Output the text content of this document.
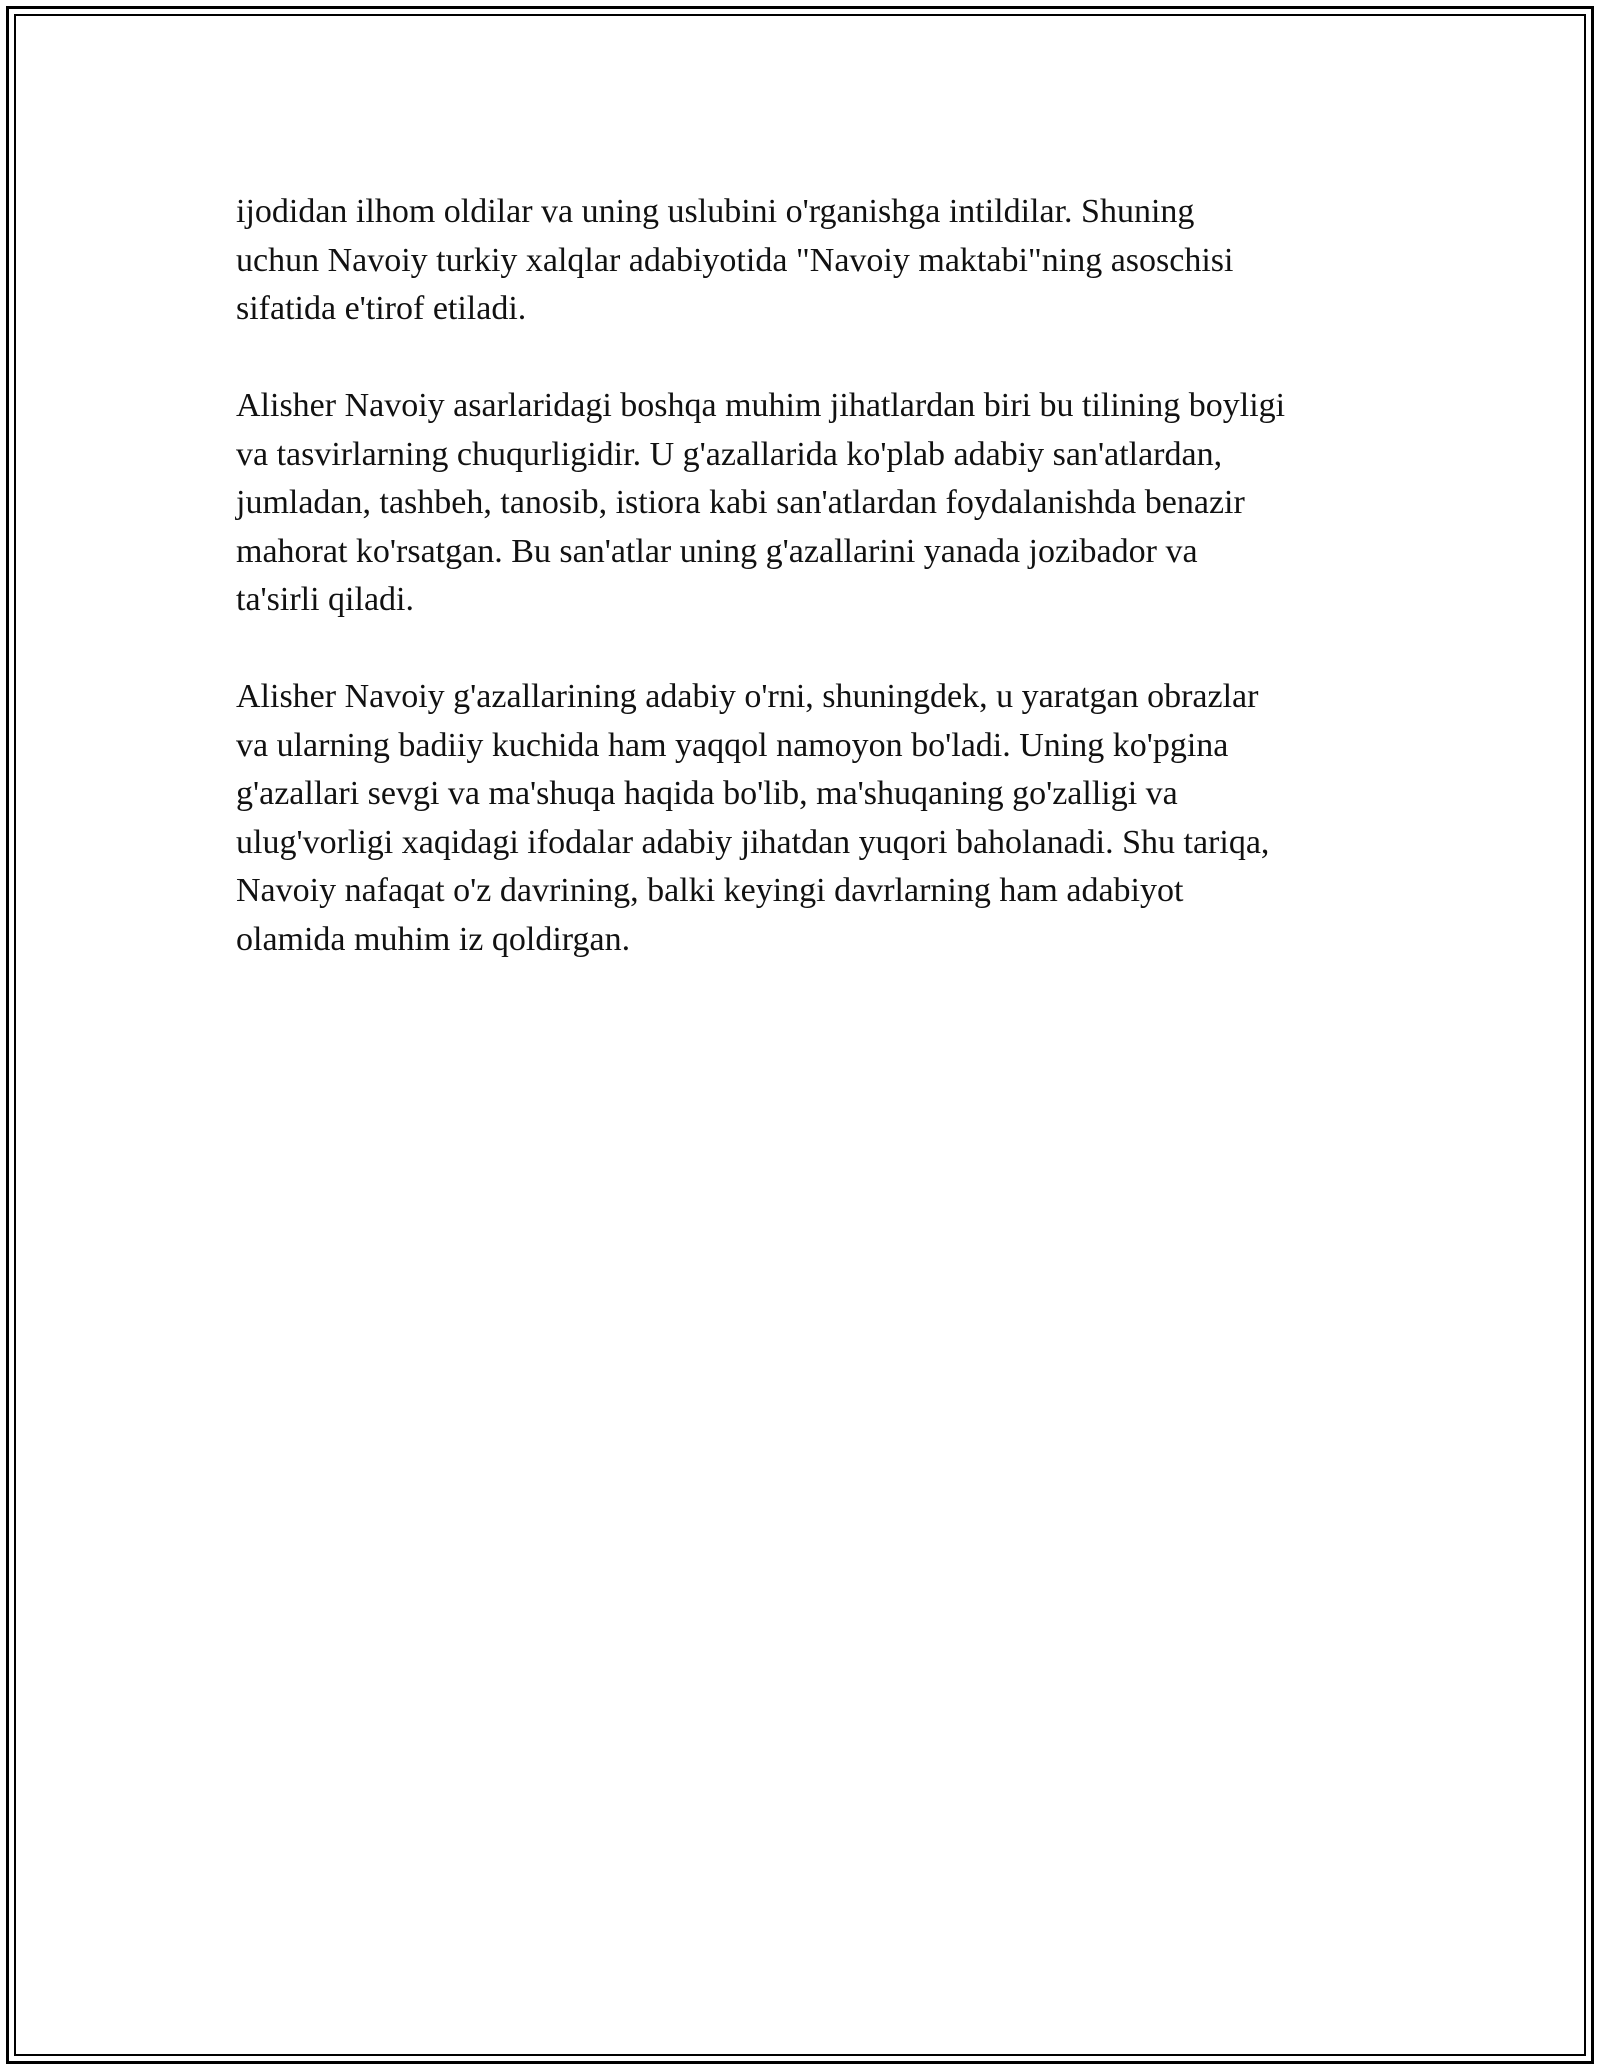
ijodidan ilhom oldilar va uning uslubini o'rganishga intildilar. Shuning
uchun Navoiy turkiy xalqlar adabiyotida "Navoiy maktabi"ning asoschisi
sifatida e'tirof etiladi.

Alisher Navoiy asarlaridagi boshqa muhim jihatlardan biri bu tilining boyligi
va tasvirlarning chuqurligidir. U g'azallarida ko'plab adabiy san'atlardan,
jumladan, tashbeh, tanosib, istiora kabi san'atlardan foydalanishda benazir
mahorat ko'rsatgan. Bu san'atlar uning g'azallarini yanada jozibador va
ta'sirli qiladi.

Alisher Navoiy g'azallarining adabiy o'rni, shuningdek, u yaratgan obrazlar
va ularning badiiy kuchida ham yaqqol namoyon bo'ladi. Uning ko'pgina
g'azallari sevgi va ma'shuqa haqida bo'lib, ma'shuqaning go'zalligi va
ulug'vorligi xaqidagi ifodalar adabiy jihatdan yuqori baholanadi. Shu tariqa,
Navoiy nafaqat o'z davrining, balki keyingi davrlarning ham adabiyot
olamida muhim iz qoldirgan.
